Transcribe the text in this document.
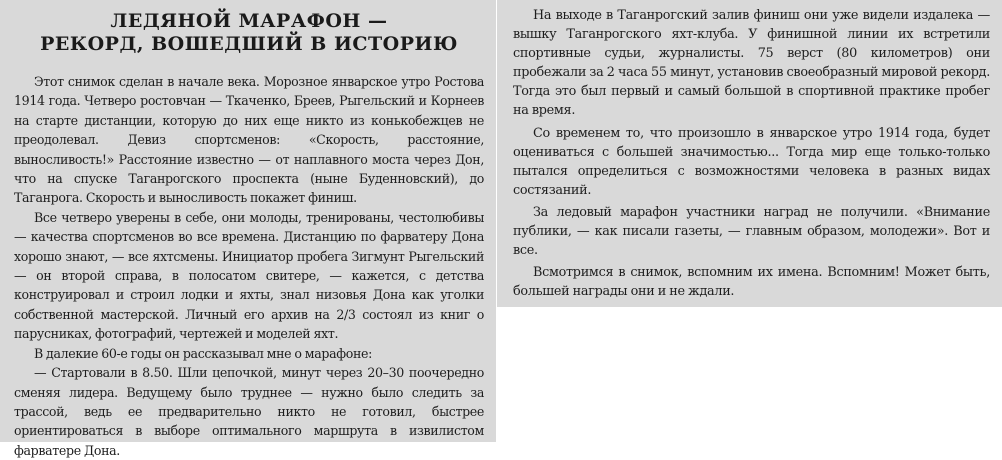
ЛЕДЯНОЙ МАРАФОН —
РЕКОРД, ВОШЕДШИЙ В ИСТОРИЮ

Этот снимок сделан в начале века. Морозное январское утро Ростова 1914 года. Четверо ростовчан — Ткаченко, Бреев, Рыгельский и Корнеев на старте дистанции, которую до них еще никто из конькобежцев не преодолевал. Девиз спортсменов: «Скорость, расстояние, выносливость!» Расстояние известно — от наплавного моста через Дон, что на спуске Таганрогского проспекта (ныне Буденновский), до Таганрога. Скорость и выносливость покажет финиш.

Все четверо уверены в себе, они молоды, тренированы, честолюбивы — качества спортсменов во все времена. Дистанцию по фарватеру Дона хорошо знают, — все яхтсмены. Инициатор пробега Зигмунт Рыгельский — он второй справа, в полосатом свитере, — кажется, с детства конструировал и строил лодки и яхты, знал низовья Дона как уголки собственной мастерской. Личный его архив на 2/3 состоял из книг о парусниках, фотографий, чертежей и моделей яхт.

В далекие 60-е годы он рассказывал мне о марафоне:

— Стартовали в 8.50. Шли цепочкой, минут через 20–30 поочередно сменяя лидера. Ведущему было труднее — нужно было следить за трассой, ведь ее предварительно никто не готовил, быстрее ориентироваться в выборе оптимального маршрута в извилистом фарватере Дона.

На выходе в Таганрогский залив финиш они уже видели издалека — вышку Таганрогского яхт-клуба. У финишной линии их встретили спортивные судьи, журналисты. 75 верст (80 километров) они пробежали за 2 часа 55 минут, установив своеобразный мировой рекорд. Тогда это был первый и самый большой в спортивной практике пробег на время.

Со временем то, что произошло в январское утро 1914 года, будет оцениваться с большей значимостью... Тогда мир еще только-только пытался определиться с возможностями человека в разных видах состязаний.

За ледовый марафон участники наград не получили. «Внимание публики, — как писали газеты, — главным образом, молодежи». Вот и все.

Всмотримся в снимок, вспомним их имена. Вспомним! Может быть, большей награды они и не ждали.
